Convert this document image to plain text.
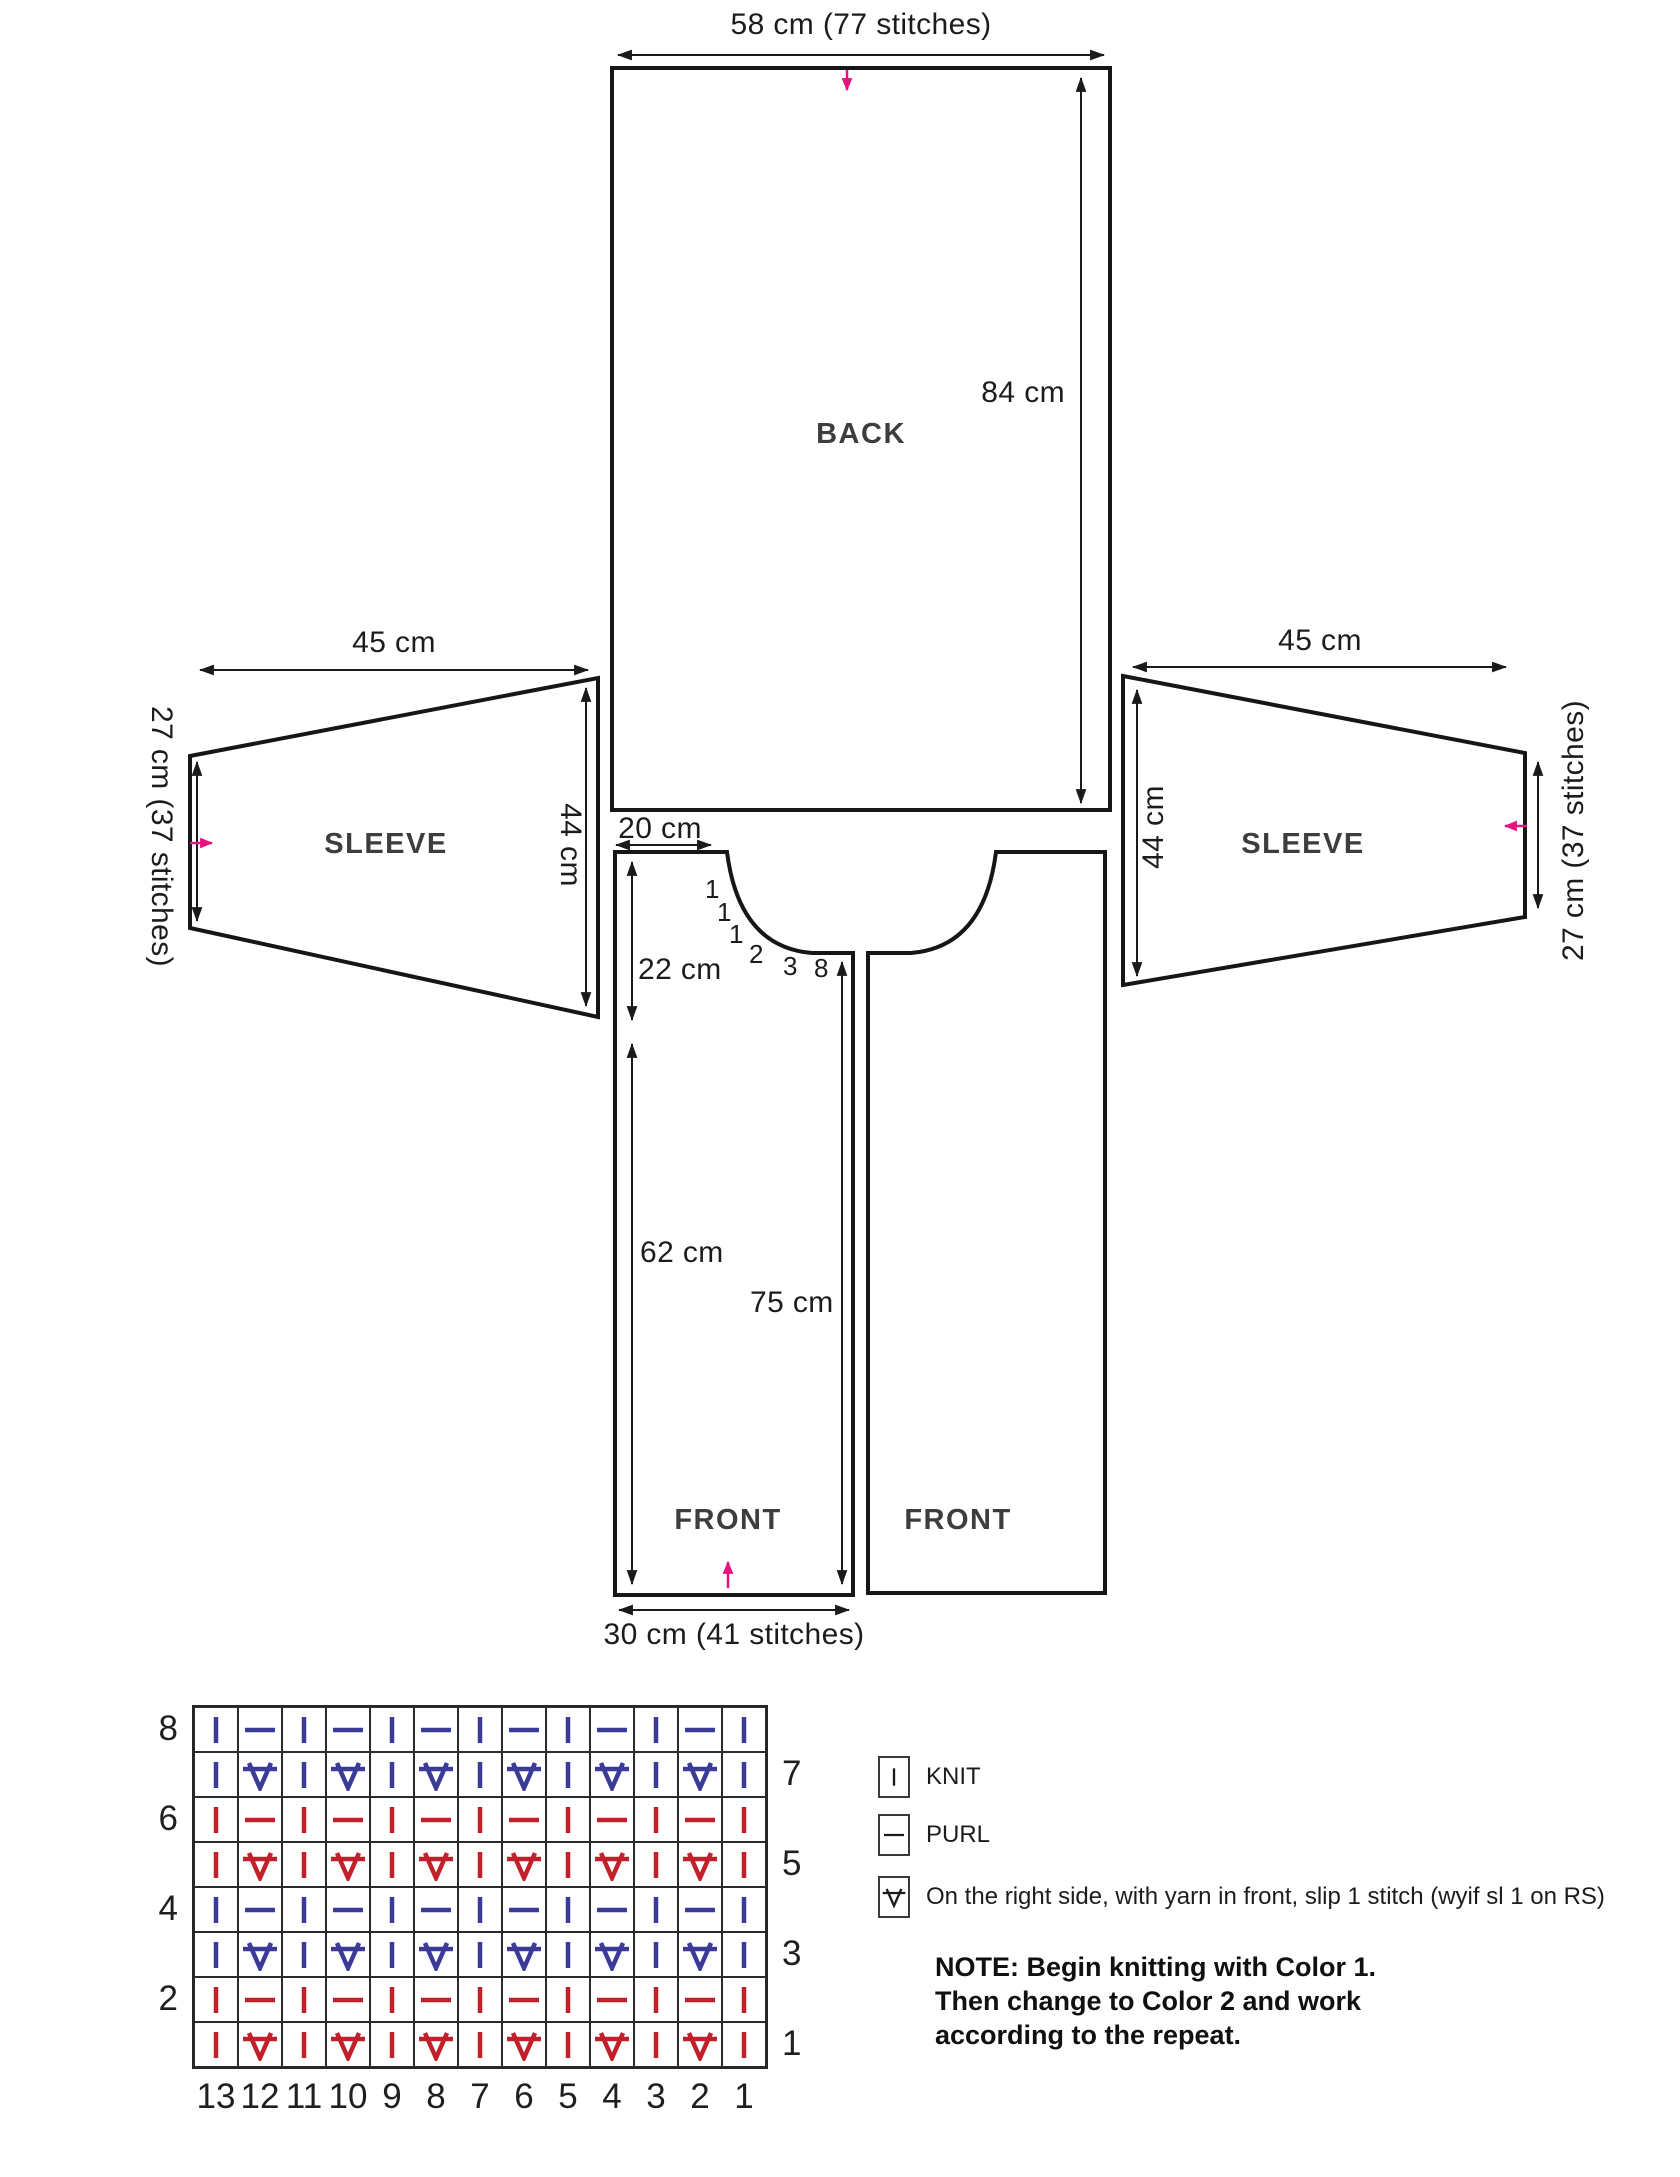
58 cm (77 stitches)
84 cm
BACK
45 cm
27 cm (37 stitches)	44 cm
SLEEVE
45 cm
44 cm	27 cm (37 stitches)
SLEEVE
20 cm
22 cm
62 cm
75 cm
30 cm (41 stitches)
FRONT	FRONT
1
1
1
2 3 8
8
7
6
5
4
3
2
1
13 12 11 10 9 8 7 6 5 4 3 2 1
KNIT
PURL
On the right side, with yarn in front, slip 1 stitch (wyif sl 1 on RS)
NOTE: Begin knitting with Color 1.
Then change to Color 2 and work
according to the repeat.
